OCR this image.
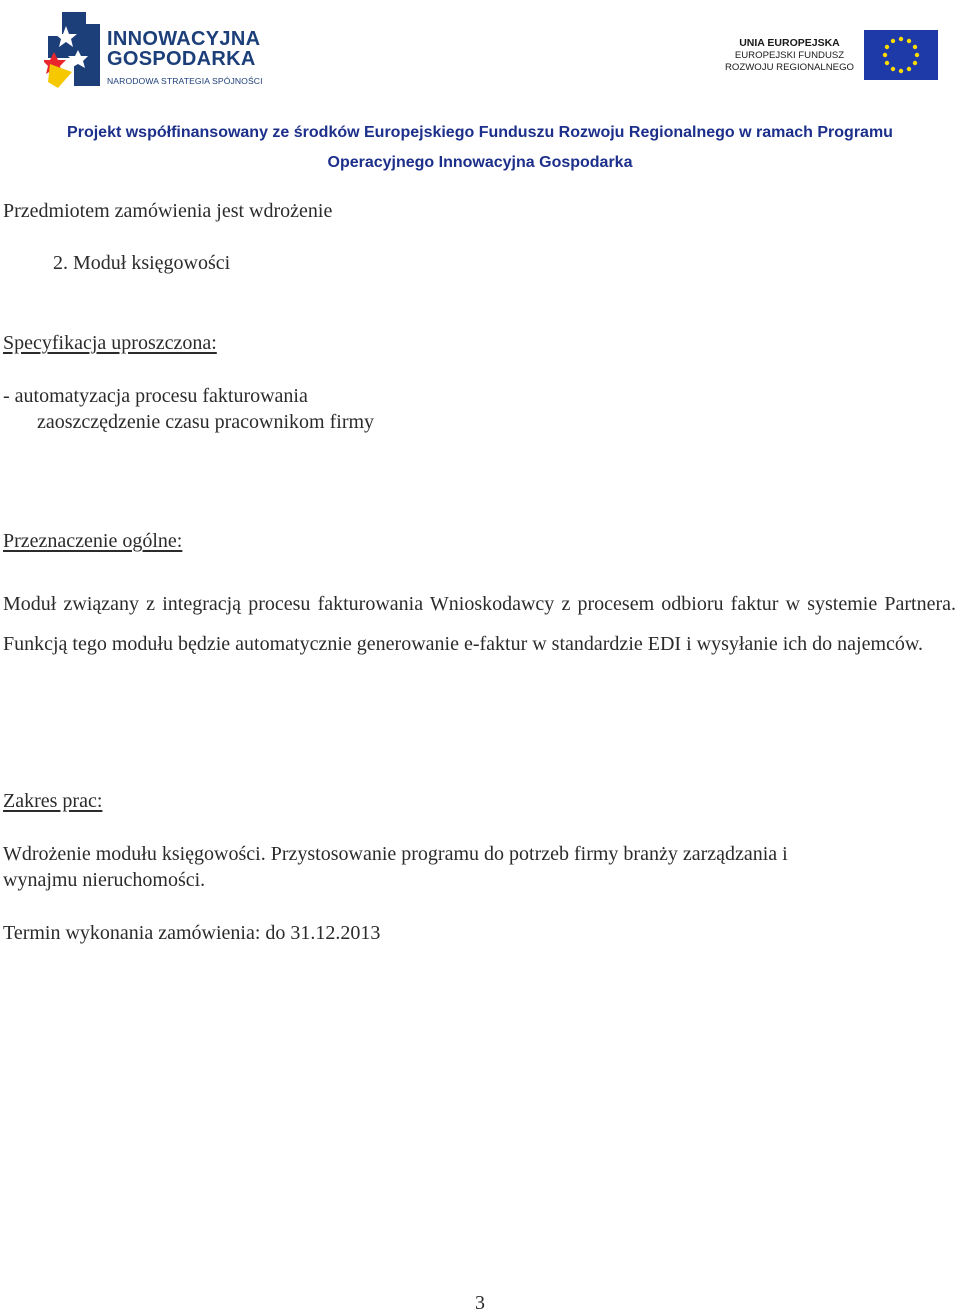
INNOWACYJNA
GOSPODARKA
NARODOWA STRATEGIA SPÓJNOŚCI
UNIA EUROPEJSKA
EUROPEJSKI FUNDUSZ
ROZWOJU REGIONALNEGO
Projekt współfinansowany ze środków Europejskiego Funduszu Rozwoju Regionalnego w ramach Programu
Operacyjnego Innowacyjna Gospodarka
Przedmiotem zamówienia jest wdrożenie
2. Moduł księgowości
Specyfikacja uproszczona:
- automatyzacja procesu fakturowania
zaoszczędzenie czasu pracownikom firmy
Przeznaczenie ogólne:
Moduł związany z integracją procesu fakturowania Wnioskodawcy z procesem odbioru faktur w systemie Partnera. Funkcją tego modułu będzie automatycznie generowanie e-faktur w standardzie EDI i wysyłanie ich do najemców.
Zakres prac:
Wdrożenie modułu księgowości. Przystosowanie programu do potrzeb firmy branży zarządzania i
wynajmu nieruchomości.
Termin wykonania zamówienia: do 31.12.2013
3
